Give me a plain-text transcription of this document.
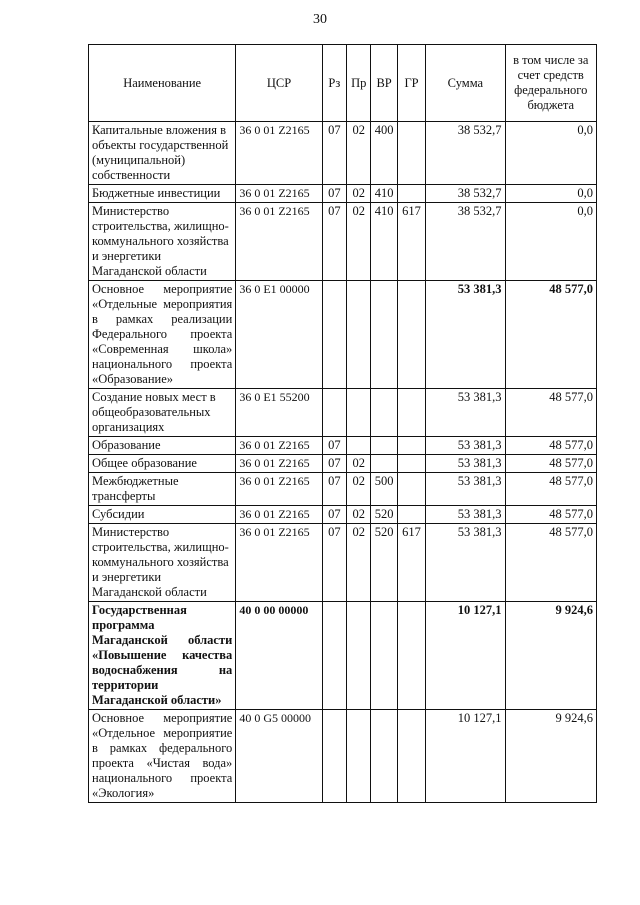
30
Наименование	ЦСР	Рз	Пр	ВР	ГР	Сумма	в том числе за счет средств федерального бюджета
Капитальные вложения в объекты государственной (муниципальной) собственности	36 0 01 Z2165	07	02	400		38 532,7	0,0
Бюджетные инвестиции	36 0 01 Z2165	07	02	410		38 532,7	0,0
Министерство строительства, жилищно-коммунального хозяйства и энергетики Магаданской области	36 0 01 Z2165	07	02	410	617	38 532,7	0,0
Основное мероприятие «Отдельные мероприятия в рамках реализации Федерального проекта «Современная школа» национального проекта «Образование»	36 0 E1 00000					53 381,3	48 577,0
Создание новых мест в общеобразовательных организациях	36 0 E1 55200					53 381,3	48 577,0
Образование	36 0 01 Z2165	07				53 381,3	48 577,0
Общее образование	36 0 01 Z2165	07	02			53 381,3	48 577,0
Межбюджетные трансферты	36 0 01 Z2165	07	02	500		53 381,3	48 577,0
Субсидии	36 0 01 Z2165	07	02	520		53 381,3	48 577,0
Министерство строительства, жилищно-коммунального хозяйства и энергетики Магаданской области	36 0 01 Z2165	07	02	520	617	53 381,3	48 577,0
Государственная программа Магаданской области «Повышение качества водоснабжения на территории Магаданской области»	40 0 00 00000					10 127,1	9 924,6
Основное мероприятие «Отдельное мероприятие в рамках федерального проекта «Чистая вода» национального проекта «Экология»	40 0 G5 00000					10 127,1	9 924,6
